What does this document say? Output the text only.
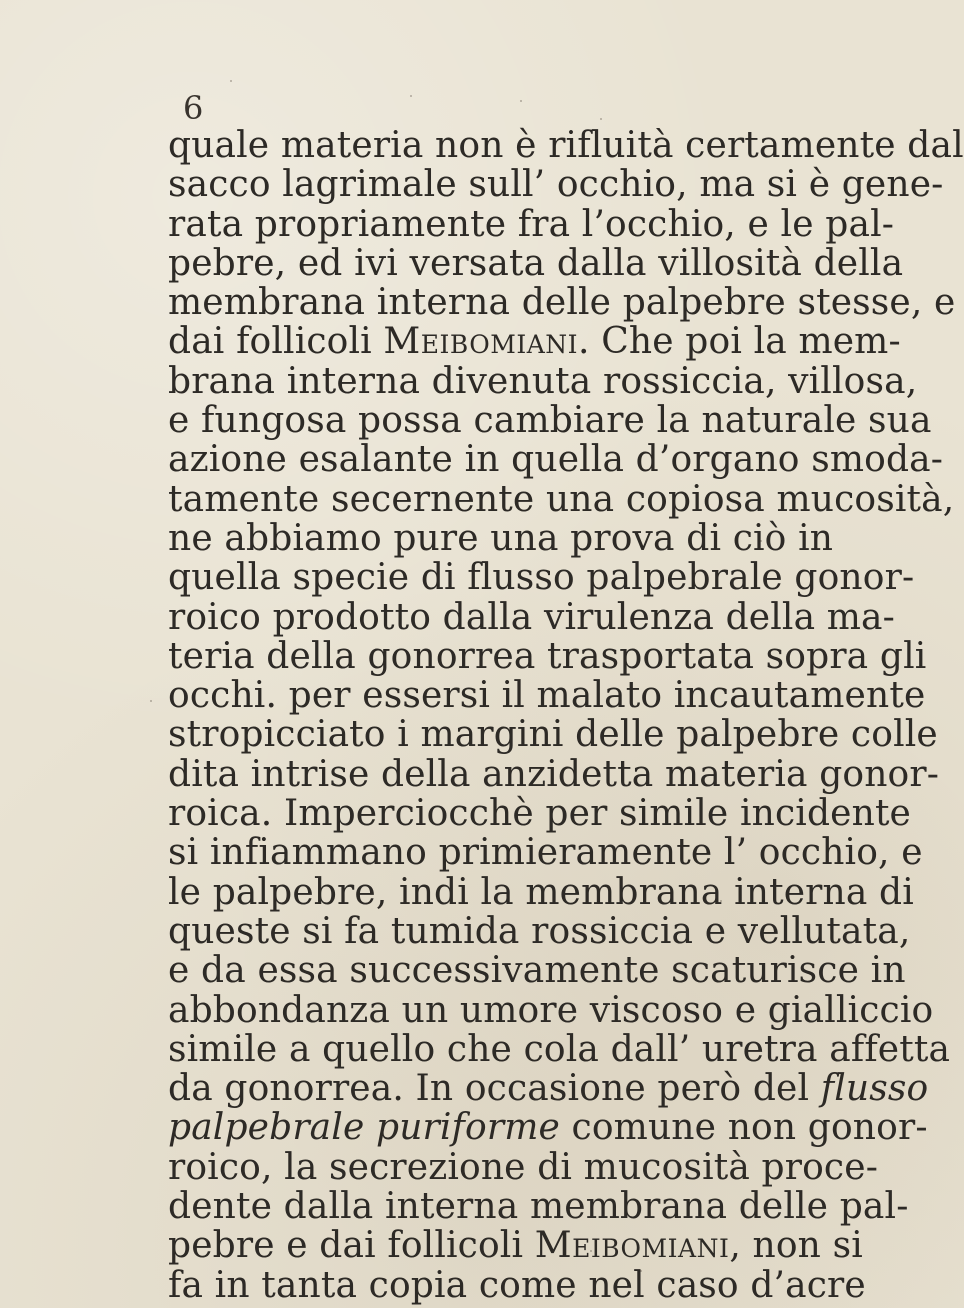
6
quale materia non è rifluità certamente dal
sacco lagrimale sull’ occhio, ma si è gene-
rata propriamente fra l’occhio, e le pal-
pebre, ed ivi versata dalla villosità della
membrana interna delle palpebre stesse, e
dai follicoli Meibomiani. Che poi la mem-
brana interna divenuta rossiccia, villosa,
e fungosa possa cambiare la naturale sua
azione esalante in quella d’organo smoda-
tamente secernente una copiosa mucosità,
ne abbiamo pure una prova di ciò in
quella specie di flusso palpebrale gonor-
roico prodotto dalla virulenza della ma-
teria della gonorrea trasportata sopra gli
occhi. per essersi il malato incautamente
stropicciato i margini delle palpebre colle
dita intrise della anzidetta materia gonor-
roica. Imperciocchè per simile incidente
si infiammano primieramente l’ occhio, e
le palpebre, indi la membrana interna di
queste si fa tumida rossiccia e vellutata,
e da essa successivamente scaturisce in
abbondanza un umore viscoso e gialliccio
simile a quello che cola dall’ uretra affetta
da gonorrea. In occasione però del flusso
palpebrale puriforme comune non gonor-
roico, la secrezione di mucosità proce-
dente dalla interna membrana delle pal-
pebre e dai follicoli Meibomiani, non si
fa in tanta copia come nel caso d’acre
